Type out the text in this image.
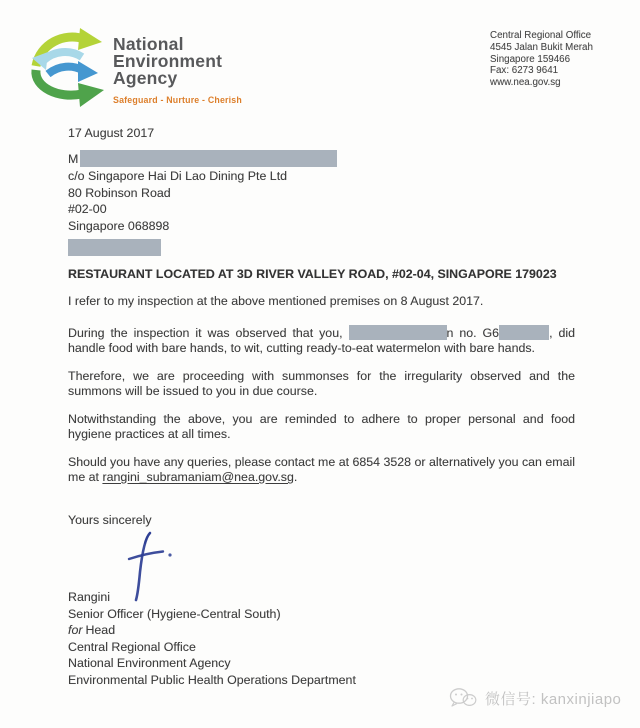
National
Environment
Agency
Safeguard - Nurture - Cherish
Central Regional Office
4545 Jalan Bukit Merah
Singapore 159466
Fax: 6273 9641
www.nea.gov.sg
17 August 2017
M
c/o Singapore Hai Di Lao Dining Pte Ltd
80 Robinson Road
#02-00
Singapore 068898
RESTAURANT LOCATED AT 3D RIVER VALLEY ROAD, #02-04, SINGAPORE 179023

I refer to my inspection at the above mentioned premises on 8 August 2017.

During the inspection it was observed that you,	n no. G6	, did handle food with bare hands, to wit, cutting ready-to-eat watermelon with bare hands.

Therefore, we are proceeding with summonses for the irregularity observed and the summons will be issued to you in due course.

Notwithstanding the above, you are reminded to adhere to proper personal and food hygiene practices at all times.

Should you have any queries, please contact me at 6854 3528 or alternatively you can email me at rangini_subramaniam@nea.gov.sg.

Yours sincerely
Rangini
Senior Officer (Hygiene-Central South)
for Head
Central Regional Office
National Environment Agency
Environmental Public Health Operations Department
微信号: kanxinjiapo
